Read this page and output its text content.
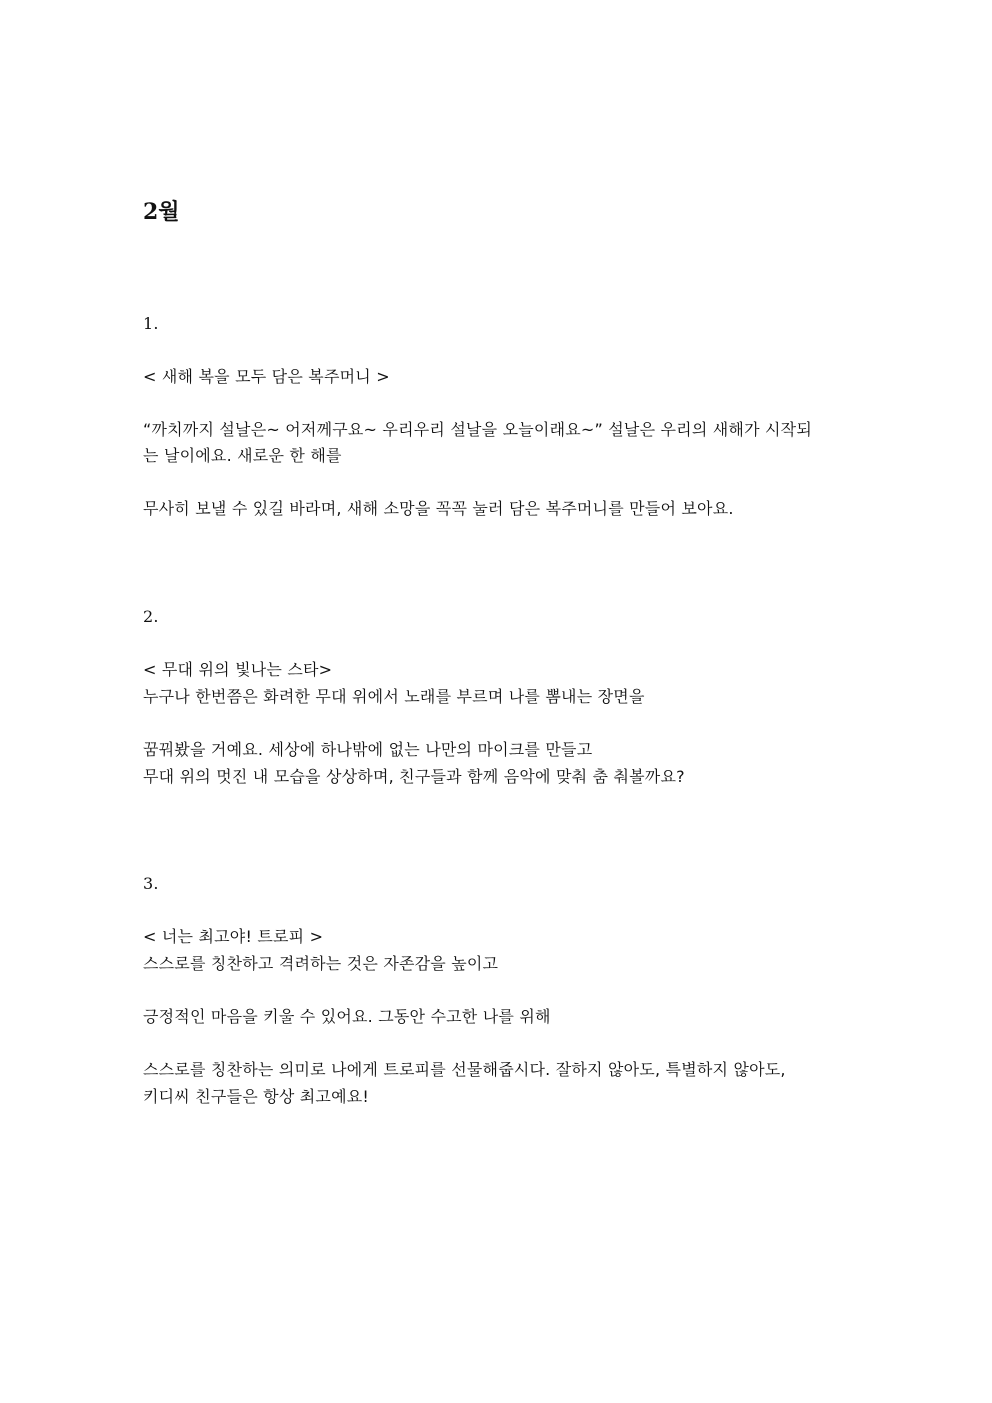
2월
1.
< 새해 복을 모두 담은 복주머니 >
“까치까지 설날은~ 어저께구요~ 우리우리 설날을 오늘이래요~” 설날은 우리의 새해가 시작되
는 날이에요. 새로운 한 해를
무사히 보낼 수 있길 바라며, 새해 소망을 꼭꼭 눌러 담은 복주머니를 만들어 보아요.
2.
< 무대 위의 빛나는 스타>
누구나 한번쯤은 화려한 무대 위에서 노래를 부르며 나를 뽐내는 장면을
꿈꿔봤을 거예요. 세상에 하나밖에 없는 나만의 마이크를 만들고
무대 위의 멋진 내 모습을 상상하며, 친구들과 함께 음악에 맞춰 춤 춰볼까요?
3.
< 너는 최고야! 트로피 >
스스로를 칭찬하고 격려하는 것은 자존감을 높이고
긍정적인 마음을 키울 수 있어요. 그동안 수고한 나를 위해
스스로를 칭찬하는 의미로 나에게 트로피를 선물해줍시다. 잘하지 않아도, 특별하지 않아도,
키디씨 친구들은 항상 최고예요!
